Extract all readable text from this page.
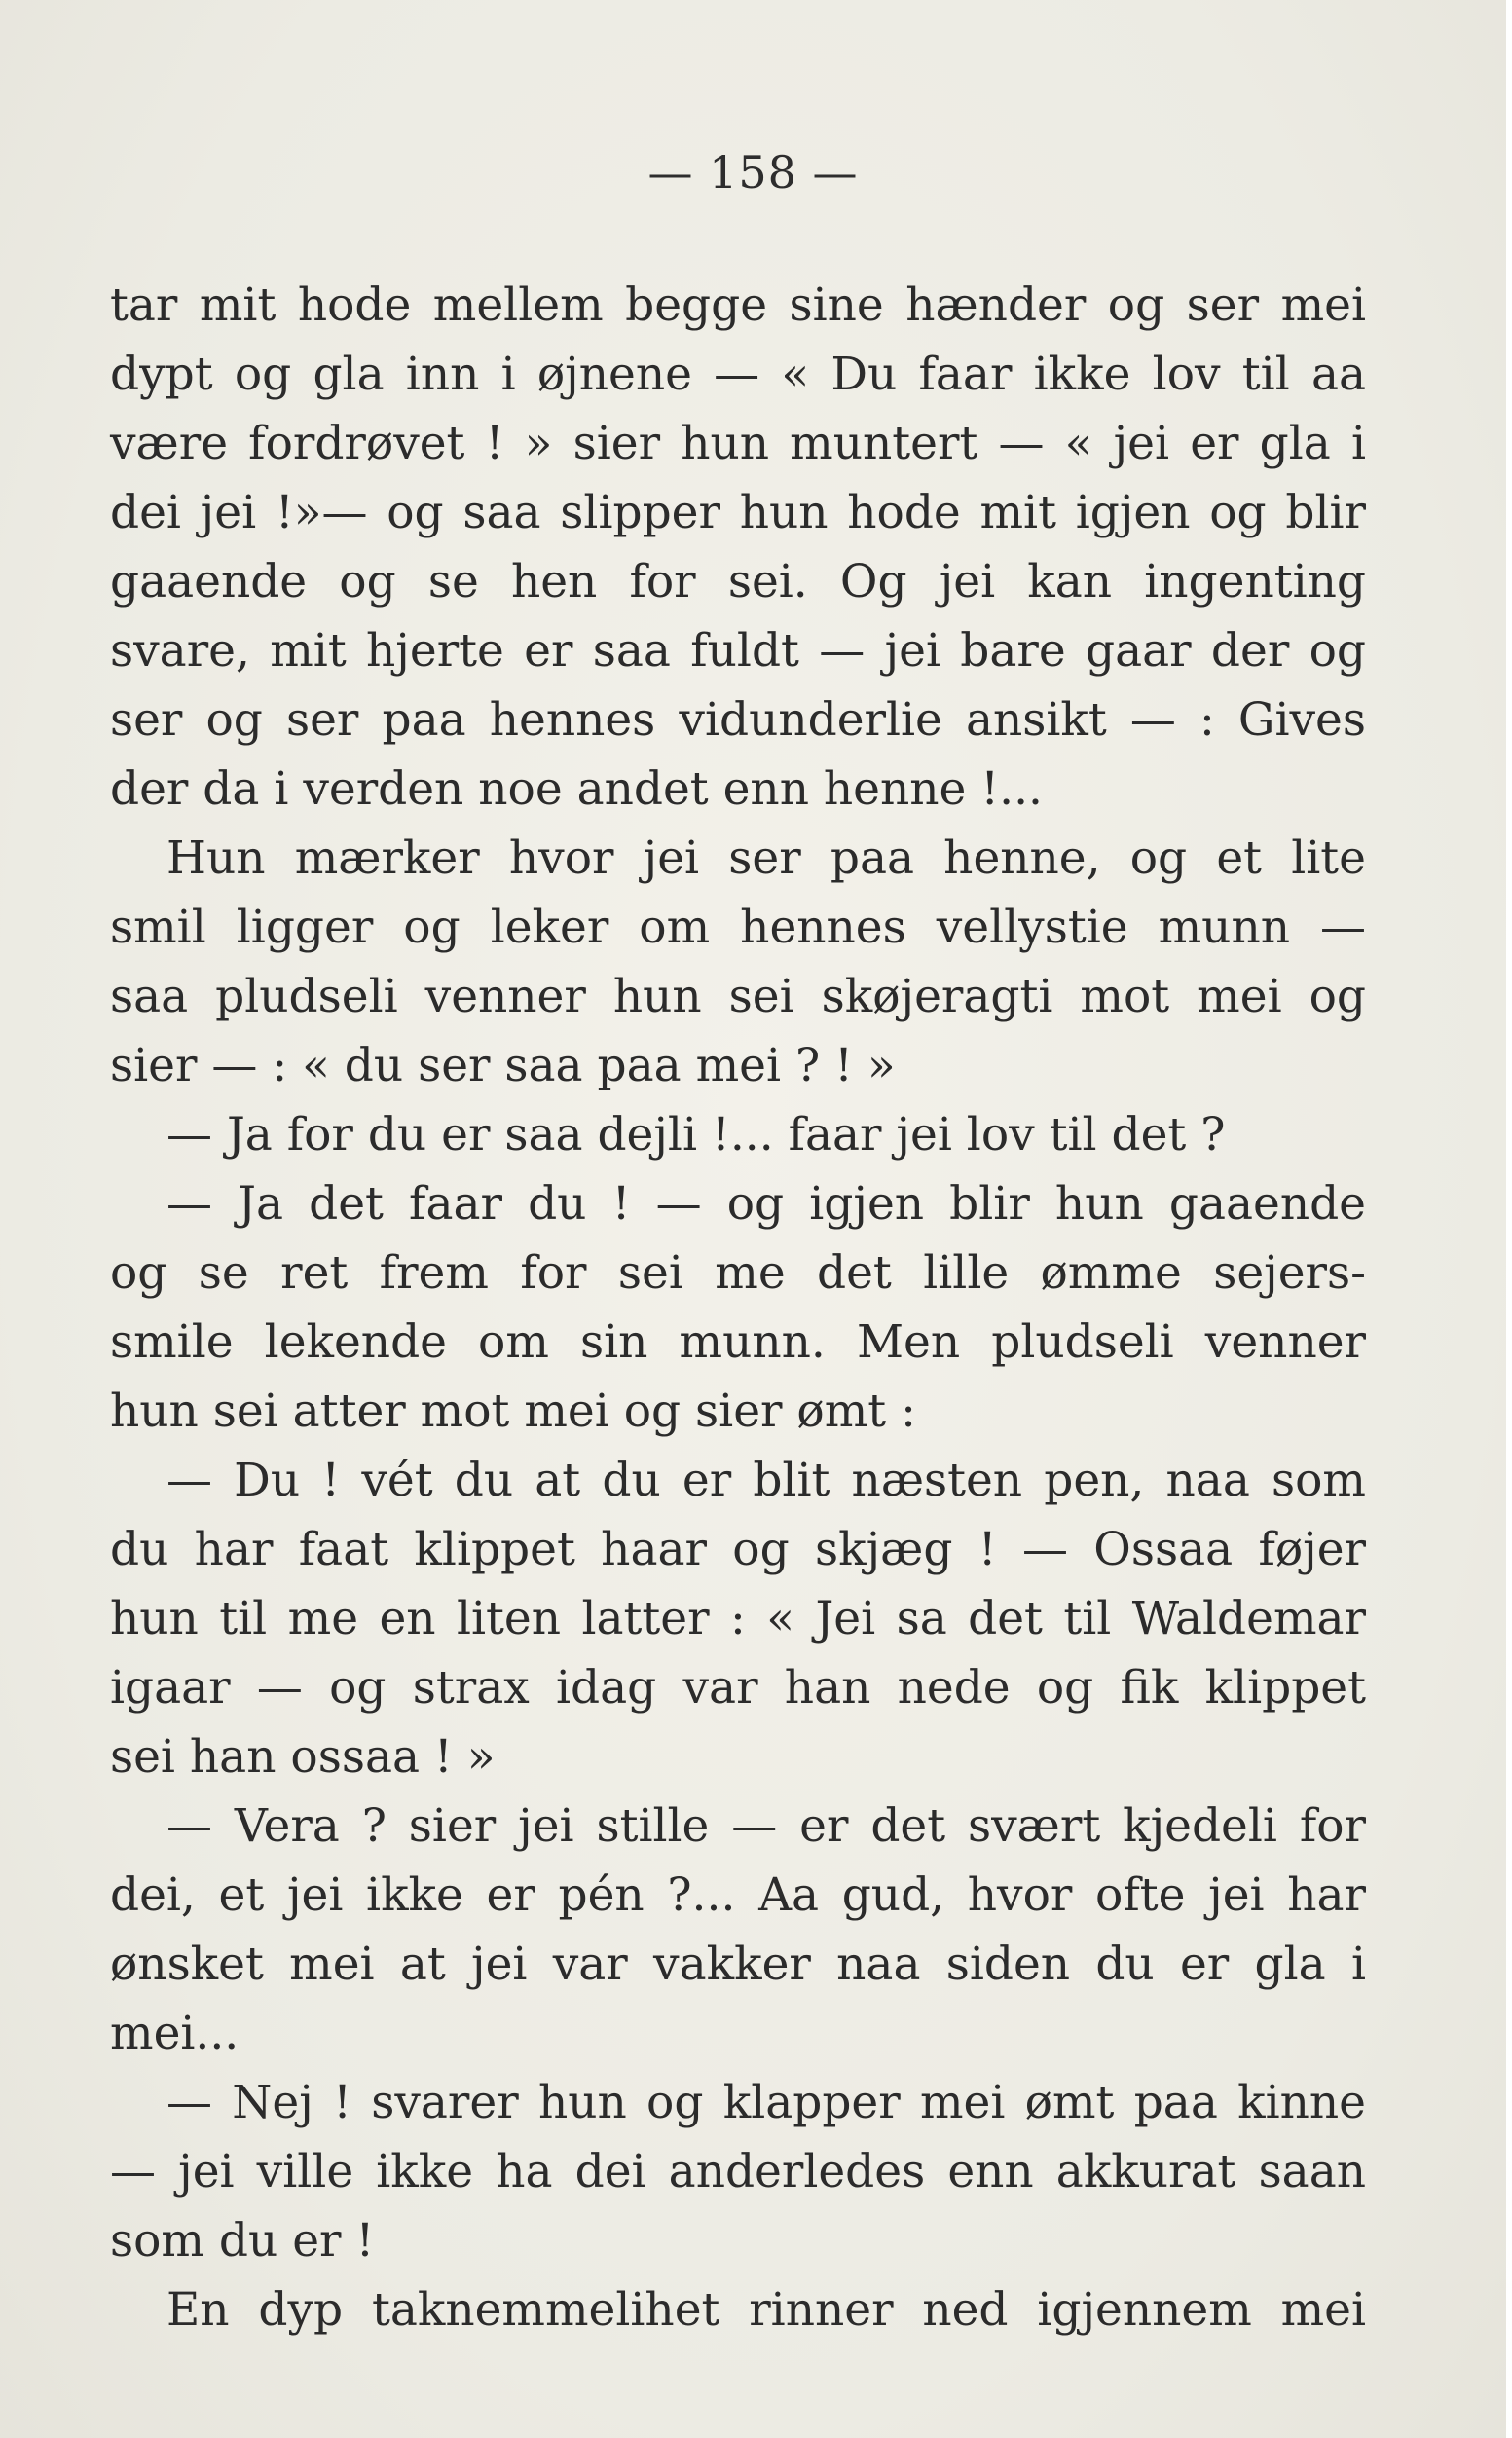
— 158 —
tar mit hode mellem begge sine hænder og ser mei
dypt og gla inn i øjnene — « Du faar ikke lov til aa
være fordrøvet ! » sier hun muntert — « jei er gla i
dei jei !»— og saa slipper hun hode mit igjen og blir
gaaende og se hen for sei. Og jei kan ingenting
svare, mit hjerte er saa fuldt — jei bare gaar der og
ser og ser paa hennes vidunderlie ansikt — : Gives
der da i verden noe andet enn henne !...
Hun mærker hvor jei ser paa henne, og et lite
smil ligger og leker om hennes vellystie munn —
saa pludseli venner hun sei skøjeragti mot mei og
sier — : « du ser saa paa mei ? ! »
— Ja for du er saa dejli !... faar jei lov til det ?
— Ja det faar du ! — og igjen blir hun gaaende
og se ret frem for sei me det lille ømme sejers-
smile lekende om sin munn. Men pludseli venner
hun sei atter mot mei og sier ømt :
— Du ! vét du at du er blit næsten pen, naa som
du har faat klippet haar og skjæg ! — Ossaa føjer
hun til me en liten latter : « Jei sa det til Waldemar
igaar — og strax idag var han nede og fik klippet
sei han ossaa ! »
— Vera ? sier jei stille — er det svært kjedeli for
dei, et jei ikke er pén ?... Aa gud, hvor ofte jei har
ønsket mei at jei var vakker naa siden du er gla i
mei...
— Nej ! svarer hun og klapper mei ømt paa kinne
— jei ville ikke ha dei anderledes enn akkurat saan
som du er !
En dyp taknemmelihet rinner ned igjennem mei
